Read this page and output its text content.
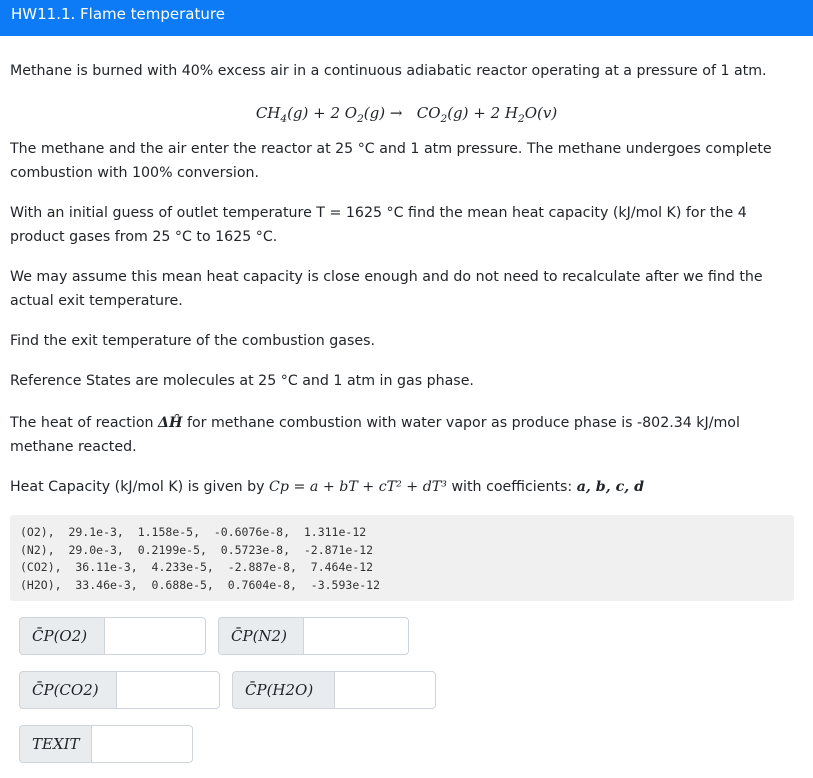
HW11.1. Flame temperature

Methane is burned with 40% excess air in a continuous adiabatic reactor operating at a pressure of 1 atm.

$CH_4(g) + 2$ $O_2(g) \to CO_2(g) + 2$ $H_2O(v)$

The methane and the air enter the reactor at 25 °C and 1 atm pressure. The methane undergoes complete combustion with 100% conversion.

With an initial guess of outlet temperature T = 1625 °C find the mean heat capacity (kJ/mol K) for the 4 product gases from 25 °C to 1625 °C.

We may assume this mean heat capacity is close enough and do not need to recalculate after we find the actual exit temperature.

Find the exit temperature of the combustion gases.

Reference States are molecules at 25 °C and 1 atm in gas phase.

The heat of reaction ΔĤ for methane combustion with water vapor as produce phase is -802.34 kJ/mol methane reacted.

Heat Capacity (kJ/mol K) is given by Cp = a + bT + cT² + dT³ with coefficients: a, b, c, d

(O2),  29.1e-3,  1.158e-5,  -0.6076e-8,  1.311e-12
(N2),  29.0e-3,  0.2199e-5,  0.5723e-8,  -2.871e-12
(CO2),  36.11e-3,  4.233e-5,  -2.887e-8,  7.464e-12
(H2O),  33.46e-3,  0.688e-5,  0.7604e-8,  -3.593e-12
C̄P(O2)	C̄P(N2)
C̄P(CO2)	C̄P(H2O)
TEXIT
